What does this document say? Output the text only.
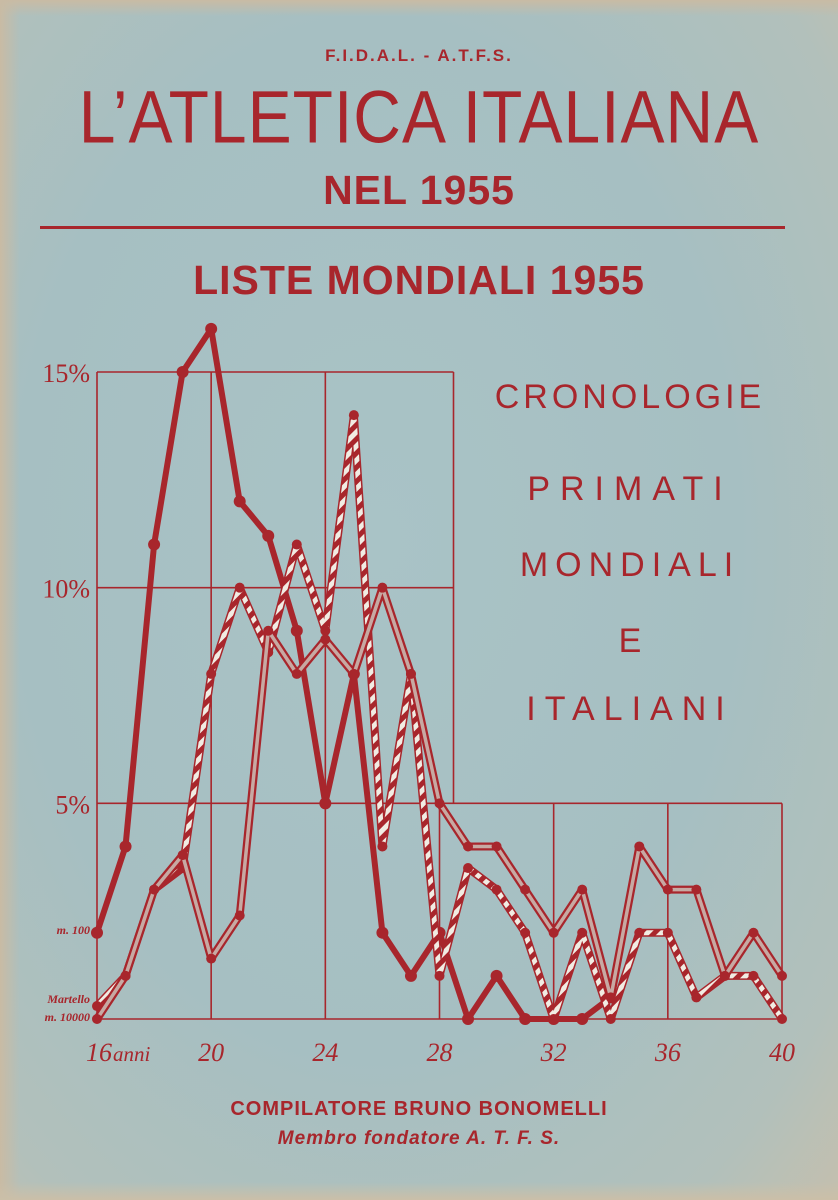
F.I.D.A.L. - A.T.F.S.
L’ATLETICA ITALIANA
NEL 1955
LISTE MONDIALI 1955
16	20	24	28	32	36	40
anni
5%
10%
15%
m. 100
Martello
m. 10000
CRONOLOGIE
PRIMATI
MONDIALI
E
ITALIANI
COMPILATORE BRUNO BONOMELLI
Membro fondatore A. T. F. S.
